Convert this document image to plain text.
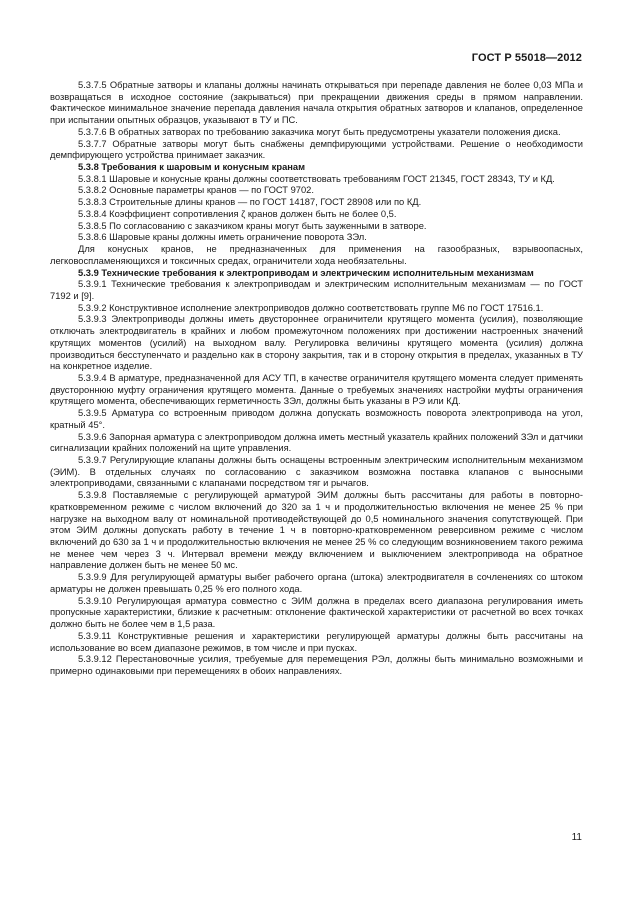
ГОСТ Р 55018—2012

5.3.7.5 Обратные затворы и клапаны должны начинать открываться при перепаде давления не более 0,03 МПа и возвращаться в исходное состояние (закрываться) при прекращении движения среды в прямом направлении. Фактическое минимальное значение перепада давления начала открытия обратных затворов и клапанов, определенное при испытании опытных образцов, указывают в ТУ и ПС.

5.3.7.6 В обратных затворах по требованию заказчика могут быть предусмотрены указатели положения диска.

5.3.7.7 Обратные затворы могут быть снабжены демпфирующими устройствами. Решение о необходимости демпфирующего устройства принимает заказчик.

5.3.8 Требования к шаровым и конусным кранам

5.3.8.1 Шаровые и конусные краны должны соответствовать требованиям ГОСТ 21345, ГОСТ 28343, ТУ и КД.

5.3.8.2 Основные параметры кранов — по ГОСТ 9702.

5.3.8.3 Строительные длины кранов — по ГОСТ 14187, ГОСТ 28908 или по КД.

5.3.8.4 Коэффициент сопротивления ζ кранов должен быть не более 0,5.

5.3.8.5 По согласованию с заказчиком краны могут быть зауженными в затворе.

5.3.8.6 Шаровые краны должны иметь ограничение поворота ЗЭл.

Для конусных кранов, не предназначенных для применения на газообразных, взрывоопасных, легковоспламеняющихся и токсичных средах, ограничители хода необязательны.

5.3.9 Технические требования к электроприводам и электрическим исполнительным механизмам

5.3.9.1 Технические требования к электроприводам и электрическим исполнительным механизмам — по ГОСТ 7192 и [9].

5.3.9.2 Конструктивное исполнение электроприводов должно соответствовать группе М6 по ГОСТ 17516.1.

5.3.9.3 Электроприводы должны иметь двустороннее ограничители крутящего момента (усилия), позволяющие отключать электродвигатель в крайних и любом промежуточном положениях при достижении настроенных значений крутящих моментов (усилий) на выходном валу. Регулировка величины крутящего момента (усилия) должна производиться бесступенчато и раздельно как в сторону закрытия, так и в сторону открытия в пределах, указанных в ТУ на конкретное изделие.

5.3.9.4 В арматуре, предназначенной для АСУ ТП, в качестве ограничителя крутящего момента следует применять двустороннюю муфту ограничения крутящего момента. Данные о требуемых значениях настройки муфты ограничения крутящего момента, обеспечивающих герметичность ЗЭл, должны быть указаны в РЭ или КД.

5.3.9.5 Арматура со встроенным приводом должна допускать возможность поворота электропривода на угол, кратный 45°.

5.3.9.6 Запорная арматура с электроприводом должна иметь местный указатель крайних положений ЗЭл и датчики сигнализации крайних положений на щите управления.

5.3.9.7 Регулирующие клапаны должны быть оснащены встроенным электрическим исполнительным механизмом (ЭИМ). В отдельных случаях по согласованию с заказчиком возможна поставка клапанов с выносными электроприводами, связанными с клапанами посредством тяг и рычагов.

5.3.9.8 Поставляемые с регулирующей арматурой ЭИМ должны быть рассчитаны для работы в повторно-кратковременном режиме с числом включений до 320 за 1 ч и продолжительностью включения не менее 25 % при нагрузке на выходном валу от номинальной противодействующей до 0,5 номинального значения сопутствующей. При этом ЭИМ должны допускать работу в течение 1 ч в повторно-кратковременном реверсивном режиме с числом включений до 630 за 1 ч и продолжительностью включения не менее 25 % со следующим возникновением такого режима не менее чем через 3 ч. Интервал времени между включением и выключением электропривода на обратное направление должен быть не менее 50 мс.

5.3.9.9 Для регулирующей арматуры выбег рабочего органа (штока) электродвигателя в сочленениях со штоком арматуры не должен превышать 0,25 % его полного хода.

5.3.9.10 Регулирующая арматура совместно с ЭИМ должна в пределах всего диапазона регулирования иметь пропускные характеристики, близкие к расчетным: отклонение фактической характеристики от расчетной во всех точках должно быть не более чем в 1,5 раза.

5.3.9.11 Конструктивные решения и характеристики регулирующей арматуры должны быть рассчитаны на использование во всем диапазоне режимов, в том числе и при пусках.

5.3.9.12 Перестановочные усилия, требуемые для перемещения РЭл, должны быть минимально возможными и примерно одинаковыми при перемещениях в обоих направлениях.

11
